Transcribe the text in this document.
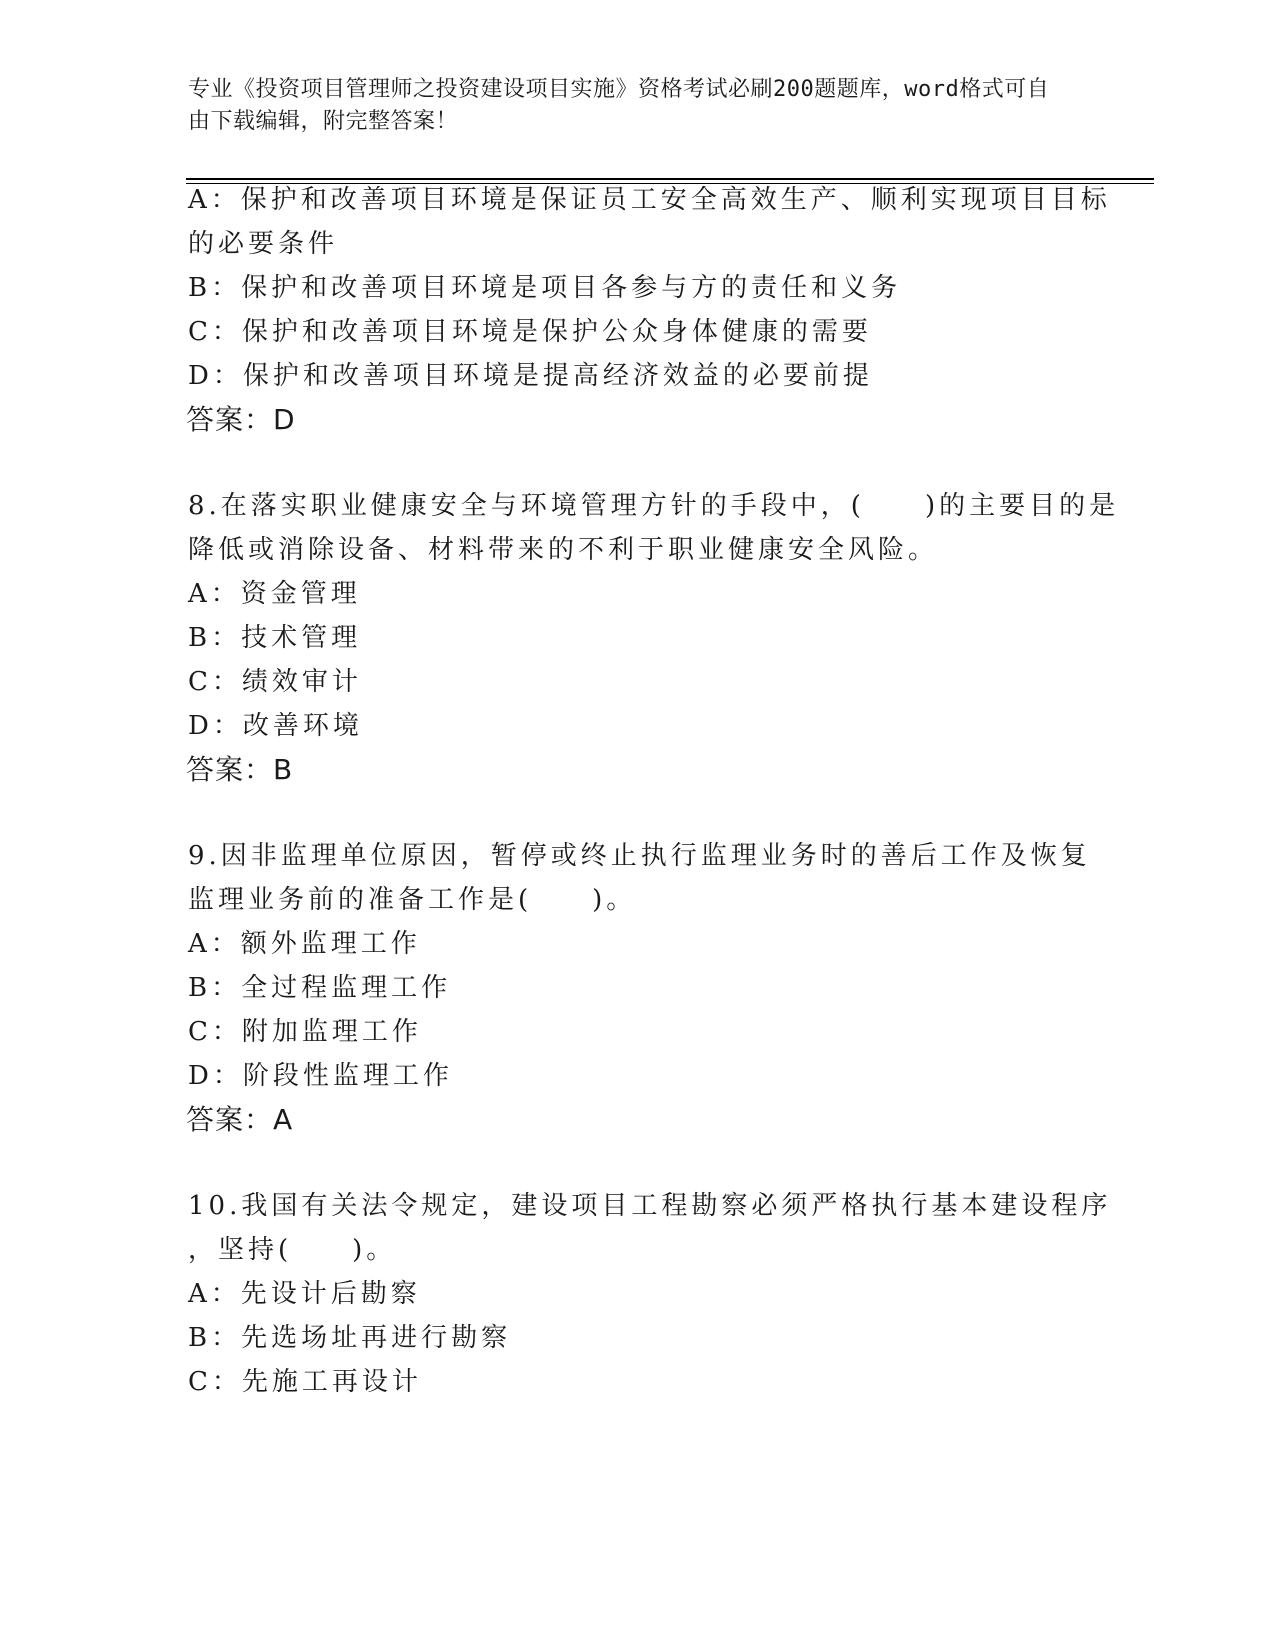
专业《投资项目管理师之投资建设项目实施》资格考试必刷200题题库，word格式可自由下载编辑，附完整答案！
A：保护和改善项目环境是保证员工安全高效生产、顺利实现项目目标
的必要条件
B：保护和改善项目环境是项目各参与方的责任和义务
C：保护和改善项目环境是保护公众身体健康的需要
D：保护和改善项目环境是提高经济效益的必要前提
答案：D
8.在落实职业健康安全与环境管理方针的手段中，(　　)的主要目的是
降低或消除设备、材料带来的不利于职业健康安全风险。
A：资金管理
B：技术管理
C：绩效审计
D：改善环境
答案：B
9.因非监理单位原因，暂停或终止执行监理业务时的善后工作及恢复
监理业务前的准备工作是(　　)。
A：额外监理工作
B：全过程监理工作
C：附加监理工作
D：阶段性监理工作
答案：A
10.我国有关法令规定，建设项目工程勘察必须严格执行基本建设程序
，坚持(　　)。
A：先设计后勘察
B：先选场址再进行勘察
C：先施工再设计
